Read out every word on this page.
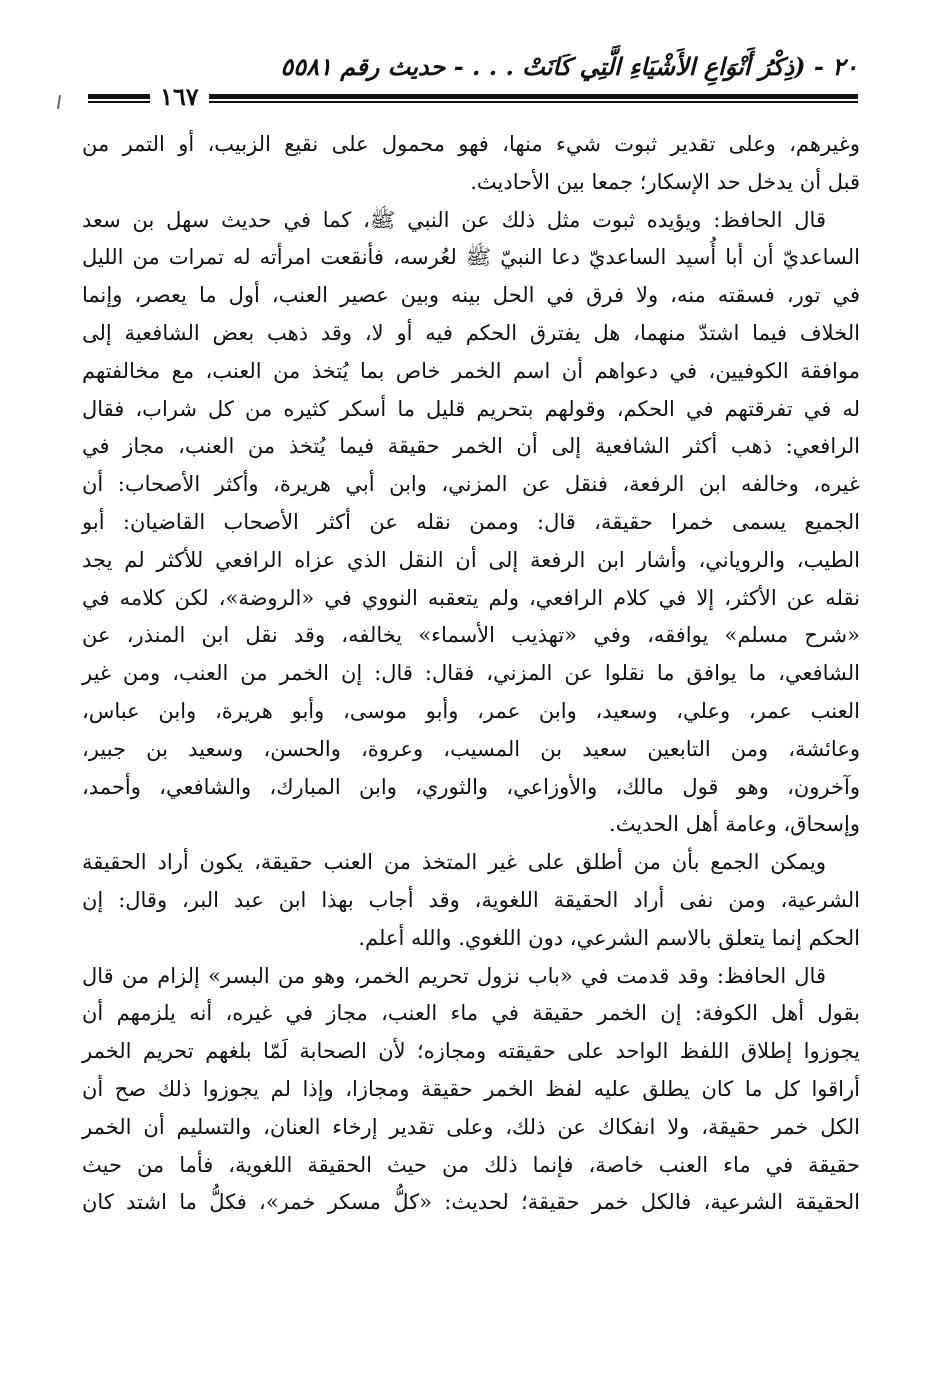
٢٠ - (ذِكْرُ أَنْوَاعِ الأَشْيَاءِ الَّتِي كَانَتْ . . . - حديث رقم ٥٥٨١
١٦٧
وغيرهم، وعلى تقدير ثبوت شيء منها، فهو محمول على نقيع الزبيب، أو التمر من
قبل أن يدخل حد الإسكار؛ جمعا بين الأحاديث.
قال الحافظ: ويؤيده ثبوت مثل ذلك عن النبي ﷺ، كما في حديث سهل بن سعد
الساعديّ أن أبا أُسيد الساعديّ دعا النبيّ ﷺ لعُرسه، فأنقعت امرأته له تمرات من الليل
في تور، فسقته منه، ولا فرق في الحل بينه وبين عصير العنب، أول ما يعصر، وإنما
الخلاف فيما اشتدّ منهما، هل يفترق الحكم فيه أو لا، وقد ذهب بعض الشافعية إلى
موافقة الكوفيين، في دعواهم أن اسم الخمر خاص بما يُتخذ من العنب، مع مخالفتهم
له في تفرقتهم في الحكم، وقولهم بتحريم قليل ما أسكر كثيره من كل شراب، فقال
الرافعي: ذهب أكثر الشافعية إلى أن الخمر حقيقة فيما يُتخذ من العنب، مجاز في
غيره، وخالفه ابن الرفعة، فنقل عن المزني، وابن أبي هريرة، وأكثر الأصحاب: أن
الجميع يسمى خمرا حقيقة، قال: وممن نقله عن أكثر الأصحاب القاضيان: أبو
الطيب، والروياني، وأشار ابن الرفعة إلى أن النقل الذي عزاه الرافعي للأكثر لم يجد
نقله عن الأكثر، إلا في كلام الرافعي، ولم يتعقبه النووي في «الروضة»، لكن كلامه في
«شرح مسلم» يوافقه، وفي «تهذيب الأسماء» يخالفه، وقد نقل ابن المنذر، عن
الشافعي، ما يوافق ما نقلوا عن المزني، فقال: قال: إن الخمر من العنب، ومن غير
العنب عمر، وعلي، وسعيد، وابن عمر، وأبو موسى، وأبو هريرة، وابن عباس،
وعائشة، ومن التابعين سعيد بن المسيب، وعروة، والحسن، وسعيد بن جبير،
وآخرون، وهو قول مالك، والأوزاعي، والثوري، وابن المبارك، والشافعي، وأحمد،
وإسحاق، وعامة أهل الحديث.
ويمكن الجمع بأن من أطلق على غير المتخذ من العنب حقيقة، يكون أراد الحقيقة
الشرعية، ومن نفى أراد الحقيقة اللغوية، وقد أجاب بهذا ابن عبد البر، وقال: إن
الحكم إنما يتعلق بالاسم الشرعي، دون اللغوي. والله أعلم.
قال الحافظ: وقد قدمت في «باب نزول تحريم الخمر، وهو من البسر» إلزام من قال
بقول أهل الكوفة: إن الخمر حقيقة في ماء العنب، مجاز في غيره، أنه يلزمهم أن
يجوزوا إطلاق اللفظ الواحد على حقيقته ومجازه؛ لأن الصحابة لَمّا بلغهم تحريم الخمر
أراقوا كل ما كان يطلق عليه لفظ الخمر حقيقة ومجازا، وإذا لم يجوزوا ذلك صح أن
الكل خمر حقيقة، ولا انفكاك عن ذلك، وعلى تقدير إرخاء العنان، والتسليم أن الخمر
حقيقة في ماء العنب خاصة، فإنما ذلك من حيث الحقيقة اللغوية، فأما من حيث
الحقيقة الشرعية، فالكل خمر حقيقة؛ لحديث: «كلُّ مسكر خمر»، فكلُّ ما اشتد كان
